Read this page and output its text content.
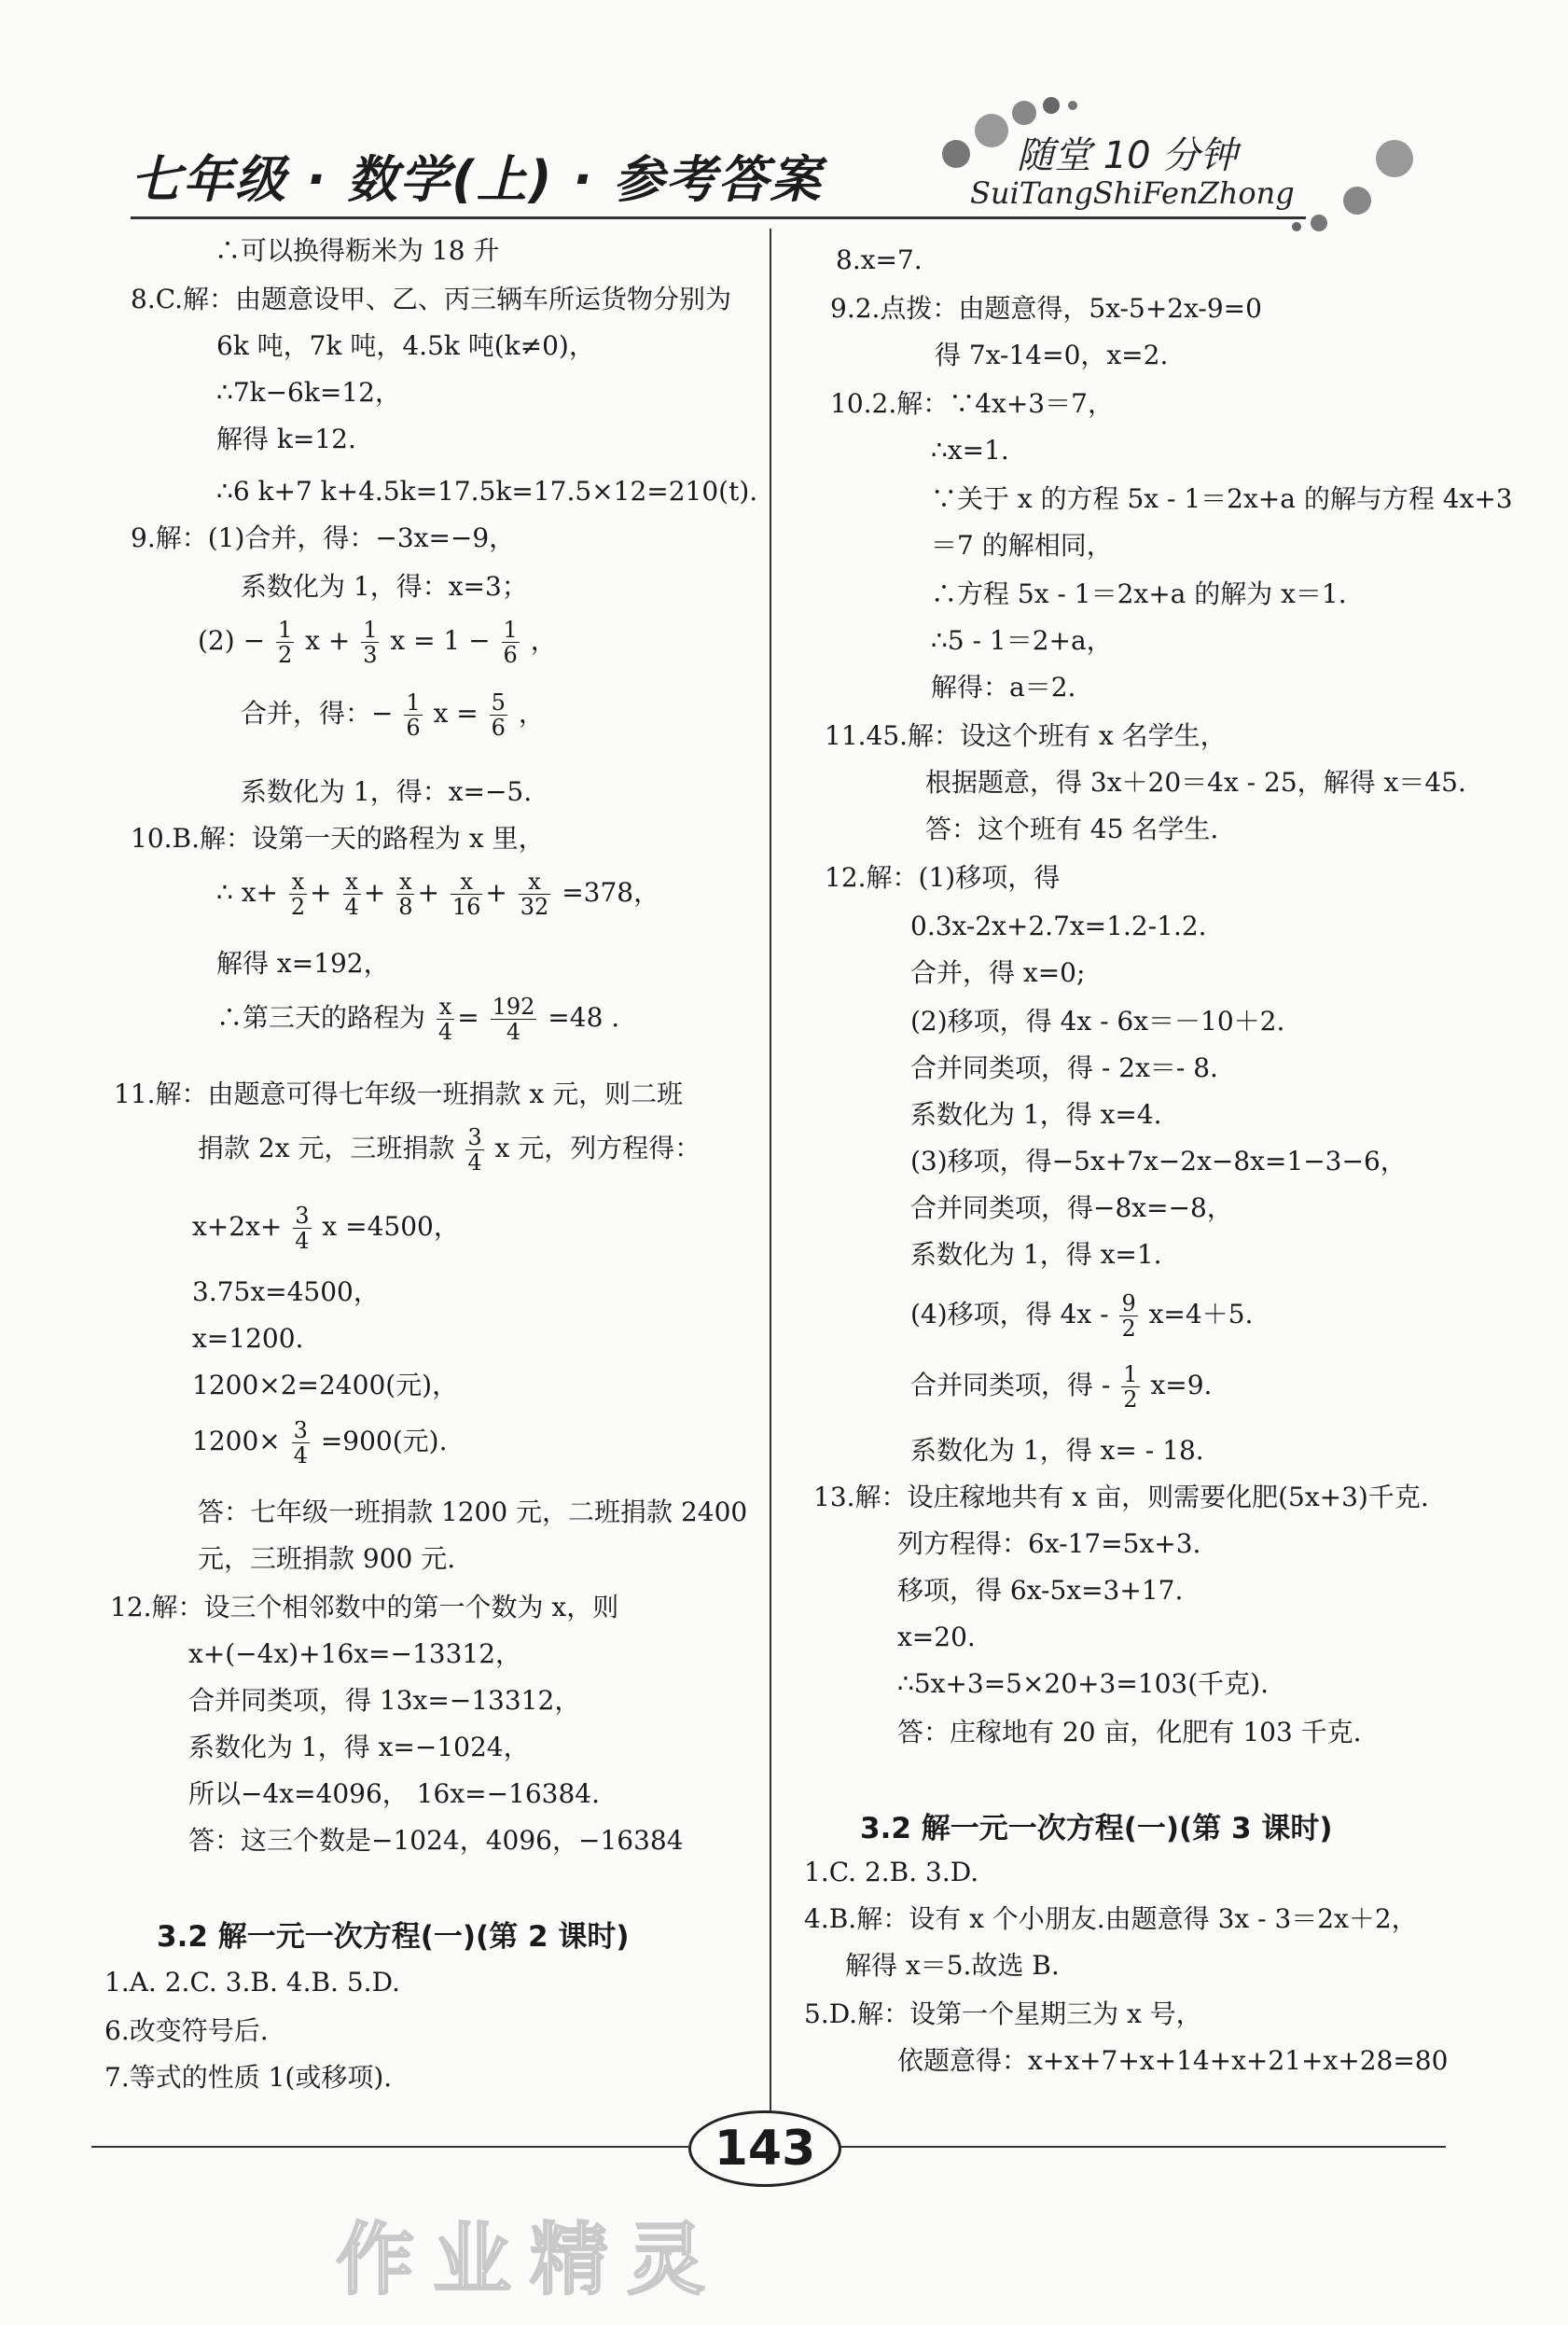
七年级 · 数学(上) · 参考答案	随堂 10 分钟
SuiTangShiFenZhong
∴可以换得粝米为 18 升
8.C.解：由题意设甲、乙、丙三辆车所运货物分别为
6k 吨，7k 吨，4.5k 吨(k≠0)，
∴7k−6k=12，
解得 k=12.
∴6 k+7 k+4.5k=17.5k=17.5×12=210(t).
9.解：(1)合并，得：−3x=−9，
系数化为 1，得：x=3；
$(2) - \frac{1}{2}$ $x + \frac{1}{3}$ $x = 1 - \frac{1}{6}$ ，
合并，得：− $\frac{1}{6}$ $x = \frac{5}{6}$ ，
系数化为 1，得：x=−5.
10.B.解：设第一天的路程为 x 里，
∴ $x+ \frac{x}{2} + \frac{x}{4} + \frac{x}{8} + \frac{x}{16} + \frac{x}{32} =378$，
解得 x=192，
∴第三天的路程为 $\frac{x}{4} = \frac{192}{4} =48$ .
11.解：由题意可得七年级一班捐款 x 元，则二班
捐款 2x 元，三班捐款 $\frac{3}{4}$ x 元，列方程得：
$x+2x+ \frac{3}{4}$ x =4500，
3.75x=4500，
x=1200.
1200×2=2400(元)，
$1200\times \frac{3}{4} =900$(元).
答：七年级一班捐款 1200 元，二班捐款 2400
元，三班捐款 900 元.
12.解：设三个相邻数中的第一个数为 x，则
x+(−4x)+16x=−13312，
合并同类项，得 13x=−13312，
系数化为 1，得 x=−1024，
所以−4x=4096， 16x=−16384.
答：这三个数是−1024，4096，−16384
3.2 解一元一次方程(一)(第 2 课时)
1.A. 2.C. 3.B. 4.B. 5.D.
6.改变符号后.
7.等式的性质 1(或移项).
8.x=7.
9.2.点拨：由题意得，5x-5+2x-9=0
得 7x-14=0，x=2.
10.2.解：∵4x+3＝7，
∴x=1.
∵关于 x 的方程 5x - 1＝2x+a 的解与方程 4x+3
＝7 的解相同，
∴方程 5x - 1＝2x+a 的解为 x＝1.
∴5 - 1＝2+a，
解得：a＝2.
11.45.解：设这个班有 x 名学生，
根据题意，得 3x＋20＝4x - 25，解得 x＝45.
答：这个班有 45 名学生.
12.解：(1)移项，得
0.3x-2x+2.7x=1.2-1.2.
合并，得 x=0;
(2)移项，得 4x - 6x＝－10＋2.
合并同类项，得 - 2x＝- 8.
系数化为 1，得 x=4.
(3)移项，得−5x+7x−2x−8x=1−3−6，
合并同类项，得−8x=−8，
系数化为 1，得 x=1.
(4)移项，得 $4x - \frac{9}{2} x=4+5$.
合并同类项，得 - $\frac{1}{2} x=9$.
系数化为 1，得 x= - 18.
13.解：设庄稼地共有 x 亩，则需要化肥(5x+3)千克.
列方程得：6x-17=5x+3.
移项，得 6x-5x=3+17.
x=20.
∴5x+3=5×20+3=103(千克).
答：庄稼地有 20 亩，化肥有 103 千克.
3.2 解一元一次方程(一)(第 3 课时)
1.C. 2.B. 3.D.
4.B.解：设有 x 个小朋友.由题意得 3x - 3＝2x＋2，
解得 x＝5.故选 B.
5.D.解：设第一个星期三为 x 号，
依题意得：x+x+7+x+14+x+21+x+28=80
143
作业精灵
